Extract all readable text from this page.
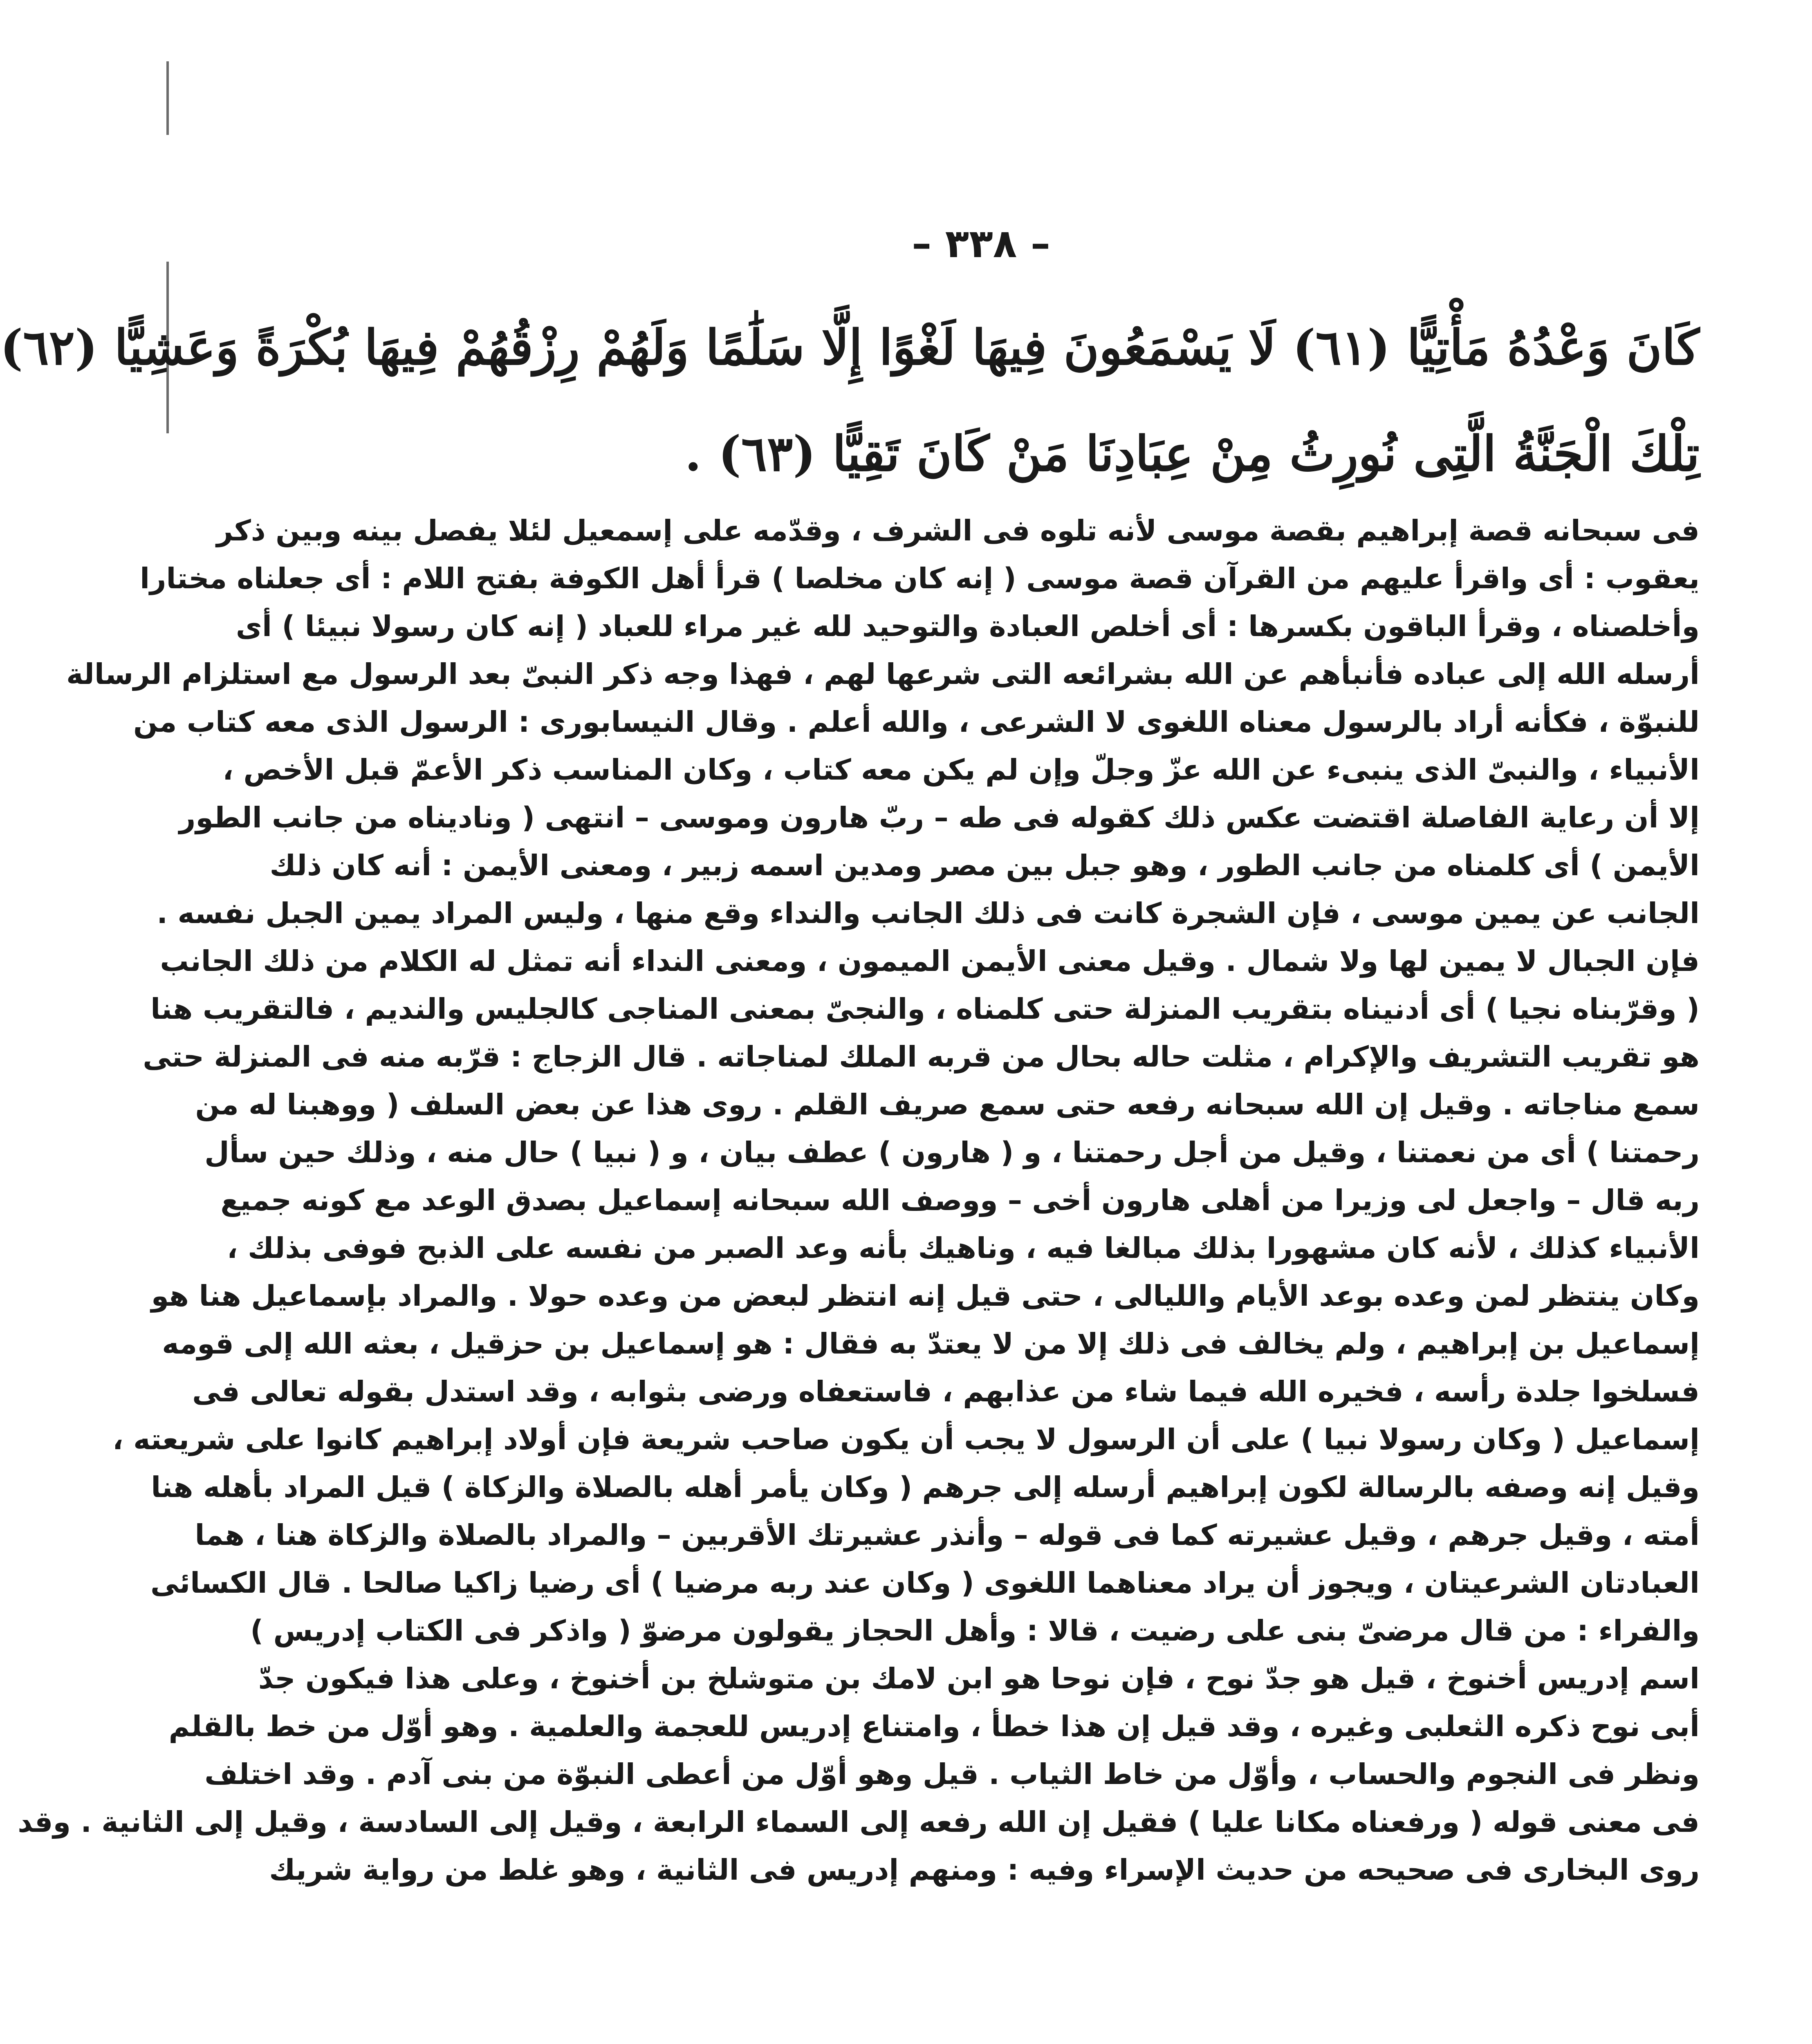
– ٣٣٨ –
كَانَ وَعْدُهُ مَأْتِيًّا (٦١) لَا يَسْمَعُونَ فِيهَا لَغْوًا إِلَّا سَلَٰمًا وَلَهُمْ رِزْقُهُمْ فِيهَا بُكْرَةً وَعَشِيًّا (٦٢)
تِلْكَ الْجَنَّةُ الَّتِى نُورِثُ مِنْ عِبَادِنَا مَنْ كَانَ تَقِيًّا (٦٣) .
فى سبحانه قصة إبراهيم بقصة موسى لأنه تلوه فى الشرف ، وقدّمه على إسمعيل لئلا يفصل بينه وبين ذكر
يعقوب : أى واقرأ عليهم من القرآن قصة موسى ( إنه كان مخلصا ) قرأ أهل الكوفة بفتح اللام : أى جعلناه مختارا
وأخلصناه ، وقرأ الباقون بكسرها : أى أخلص العبادة والتوحيد لله غير مراء للعباد ( إنه كان رسولا نبيئا ) أى
أرسله الله إلى عباده فأنبأهم عن الله بشرائعه التى شرعها لهم ، فهذا وجه ذكر النبىّ بعد الرسول مع استلزام الرسالة
للنبوّة ، فكأنه أراد بالرسول معناه اللغوى لا الشرعى ، والله أعلم . وقال النيسابورى : الرسول الذى معه كتاب من
الأنبياء ، والنبىّ الذى ينبىء عن الله عزّ وجلّ وإن لم يكن معه كتاب ، وكان المناسب ذكر الأعمّ قبل الأخص ،
إلا أن رعاية الفاصلة اقتضت عكس ذلك كقوله فى طه – ربّ هارون وموسى – انتهى ( وناديناه من جانب الطور
الأيمن ) أى كلمناه من جانب الطور ، وهو جبل بين مصر ومدين اسمه زبير ، ومعنى الأيمن : أنه كان ذلك
الجانب عن يمين موسى ، فإن الشجرة كانت فى ذلك الجانب والنداء وقع منها ، وليس المراد يمين الجبل نفسه .
فإن الجبال لا يمين لها ولا شمال . وقيل معنى الأيمن الميمون ، ومعنى النداء أنه تمثل له الكلام من ذلك الجانب
( وقرّبناه نجيا ) أى أدنيناه بتقريب المنزلة حتى كلمناه ، والنجىّ بمعنى المناجى كالجليس والنديم ، فالتقريب هنا
هو تقريب التشريف والإكرام ، مثلت حاله بحال من قربه الملك لمناجاته . قال الزجاج : قرّبه منه فى المنزلة حتى
سمع مناجاته . وقيل إن الله سبحانه رفعه حتى سمع صريف القلم . روى هذا عن بعض السلف ( ووهبنا له من
رحمتنا ) أى من نعمتنا ، وقيل من أجل رحمتنا ، و ( هارون ) عطف بيان ، و ( نبيا ) حال منه ، وذلك حين سأل
ربه قال – واجعل لى وزيرا من أهلى هارون أخى – ووصف الله سبحانه إسماعيل بصدق الوعد مع كونه جميع
الأنبياء كذلك ، لأنه كان مشهورا بذلك مبالغا فيه ، وناهيك بأنه وعد الصبر من نفسه على الذبح فوفى بذلك ،
وكان ينتظر لمن وعده بوعد الأيام والليالى ، حتى قيل إنه انتظر لبعض من وعده حولا . والمراد بإسماعيل هنا هو
إسماعيل بن إبراهيم ، ولم يخالف فى ذلك إلا من لا يعتدّ به فقال : هو إسماعيل بن حزقيل ، بعثه الله إلى قومه
فسلخوا جلدة رأسه ، فخيره الله فيما شاء من عذابهم ، فاستعفاه ورضى بثوابه ، وقد استدل بقوله تعالى فى
إسماعيل ( وكان رسولا نبيا ) على أن الرسول لا يجب أن يكون صاحب شريعة فإن أولاد إبراهيم كانوا على شريعته ،
وقيل إنه وصفه بالرسالة لكون إبراهيم أرسله إلى جرهم ( وكان يأمر أهله بالصلاة والزكاة ) قيل المراد بأهله هنا
أمته ، وقيل جرهم ، وقيل عشيرته كما فى قوله – وأنذر عشيرتك الأقربين – والمراد بالصلاة والزكاة هنا ، هما
العبادتان الشرعيتان ، ويجوز أن يراد معناهما اللغوى ( وكان عند ربه مرضيا ) أى رضيا زاكيا صالحا . قال الكسائى
والفراء : من قال مرضىّ بنى على رضيت ، قالا : وأهل الحجاز يقولون مرضوّ ( واذكر فى الكتاب إدريس )
اسم إدريس أخنوخ ، قيل هو جدّ نوح ، فإن نوحا هو ابن لامك بن متوشلخ بن أخنوخ ، وعلى هذا فيكون جدّ
أبى نوح ذكره الثعلبى وغيره ، وقد قيل إن هذا خطأ ، وامتناع إدريس للعجمة والعلمية . وهو أوّل من خط بالقلم
ونظر فى النجوم والحساب ، وأوّل من خاط الثياب . قيل وهو أوّل من أعطى النبوّة من بنى آدم . وقد اختلف
فى معنى قوله ( ورفعناه مكانا عليا ) فقيل إن الله رفعه إلى السماء الرابعة ، وقيل إلى السادسة ، وقيل إلى الثانية . وقد
روى البخارى فى صحيحه من حديث الإسراء وفيه : ومنهم إدريس فى الثانية ، وهو غلط من رواية شريك
